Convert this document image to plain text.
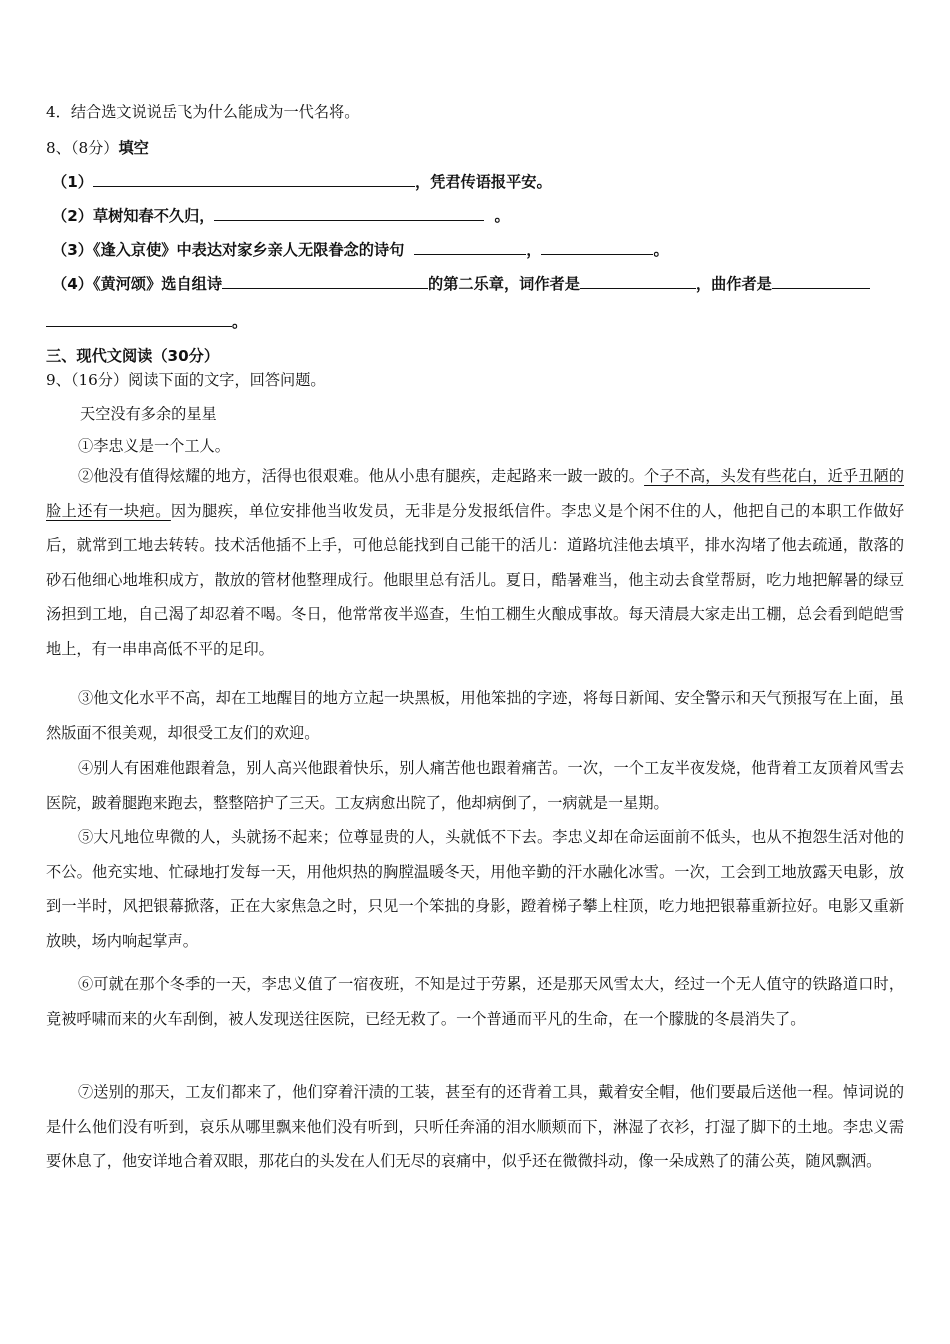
4．结合选文说说岳飞为什么能成为一代名将。
8、（8分）填空
（1）	，凭君传语报平安。
（2）草树知春不久归，	。
（3）《逢入京使》中表达对家乡亲人无限眷念的诗句	，	。
（4）《黄河颂》选自组诗	的第二乐章，词作者是	，曲作者是
。
三、现代文阅读（30分）
9、（16分）阅读下面的文字，回答问题。
天空没有多余的星星
①李忠义是一个工人。
②他没有值得炫耀的地方，活得也很艰难。他从小患有腿疾，走起路来一跛一跛的。个子不高，头发有些花白，近乎丑陋的脸上还有一块疤。因为腿疾，单位安排他当收发员，无非是分发报纸信件。李忠义是个闲不住的人，他把自己的本职工作做好后，就常到工地去转转。技术活他插不上手，可他总能找到自己能干的活儿：道路坑洼他去填平，排水沟堵了他去疏通，散落的砂石他细心地堆积成方，散放的管材他整理成行。他眼里总有活儿。夏日，酷暑难当，他主动去食堂帮厨，吃力地把解暑的绿豆汤担到工地，自己渴了却忍着不喝。冬日，他常常夜半巡查，生怕工棚生火酿成事故。每天清晨大家走出工棚，总会看到皑皑雪地上，有一串串高低不平的足印。
③他文化水平不高，却在工地醒目的地方立起一块黑板，用他笨拙的字迹，将每日新闻、安全警示和天气预报写在上面，虽然版面不很美观，却很受工友们的欢迎。
④别人有困难他跟着急，别人高兴他跟着快乐，别人痛苦他也跟着痛苦。一次，一个工友半夜发烧，他背着工友顶着风雪去医院，跛着腿跑来跑去，整整陪护了三天。工友病愈出院了，他却病倒了，一病就是一星期。
⑤大凡地位卑微的人，头就扬不起来；位尊显贵的人，头就低不下去。李忠义却在命运面前不低头，也从不抱怨生活对他的不公。他充实地、忙碌地打发每一天，用他炽热的胸膛温暖冬天，用他辛勤的汗水融化冰雪。一次，工会到工地放露天电影，放到一半时，风把银幕掀落，正在大家焦急之时，只见一个笨拙的身影，蹬着梯子攀上柱顶，吃力地把银幕重新拉好。电影又重新放映，场内响起掌声。
⑥可就在那个冬季的一天，李忠义值了一宿夜班，不知是过于劳累，还是那天风雪太大，经过一个无人值守的铁路道口时，竟被呼啸而来的火车刮倒，被人发现送往医院，已经无救了。一个普通而平凡的生命，在一个朦胧的冬晨消失了。
⑦送别的那天，工友们都来了，他们穿着汗渍的工装，甚至有的还背着工具，戴着安全帽，他们要最后送他一程。悼词说的是什么他们没有听到，哀乐从哪里飘来他们没有听到，只听任奔涌的泪水顺颊而下，淋湿了衣衫，打湿了脚下的土地。李忠义需要休息了，他安详地合着双眼，那花白的头发在人们无尽的哀痛中，似乎还在微微抖动，像一朵成熟了的蒲公英，随风飘洒。
